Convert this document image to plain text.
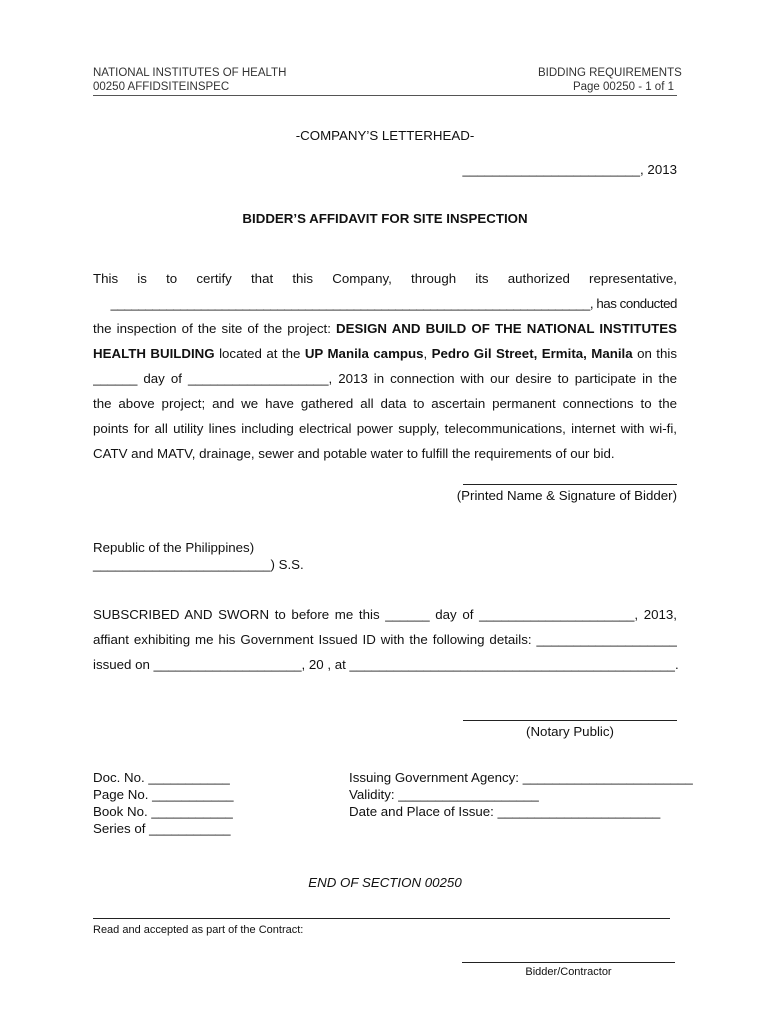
NATIONAL INSTITUTES OF HEALTH
00250 AFFIDSITEINSPEC
BIDDING REQUIREMENTS
Page 00250 - 1 of 1
-COMPANY’S LETTERHEAD-
________________________, 2013
BIDDER’S AFFIDAVIT FOR SITE INSPECTION
This is to certify that this Company, through its authorized representative,
_____________________________________________________________________, has conducted
the inspection of the site of the project: DESIGN AND BUILD OF THE NATIONAL INSTITUTES
HEALTH BUILDING located at the UP Manila campus, Pedro Gil Street, Ermita, Manila on this
______ day of ___________________, 2013 in connection with our desire to participate in the
the above project; and we have gathered all data to ascertain permanent connections to the
points for all utility lines including electrical power supply, telecommunications, internet with wi-fi,
CATV and MATV, drainage, sewer and potable water to fulfill the requirements of our bid.
(Printed Name & Signature of Bidder)
Republic of the Philippines)
________________________) S.S.
SUBSCRIBED AND SWORN to before me this ______ day of _____________________, 2013,
affiant exhibiting me his Government Issued ID with the following details: ___________________
issued on ____________________, 20 , at ____________________________________________.
(Notary Public)
Doc. No. ___________
Page No. ___________
Book No. ___________
Series of ___________
Issuing Government Agency: _______________________
Validity: ___________________
Date and Place of Issue: ______________________
END OF SECTION 00250
Read and accepted as part of the Contract:
Bidder/Contractor
